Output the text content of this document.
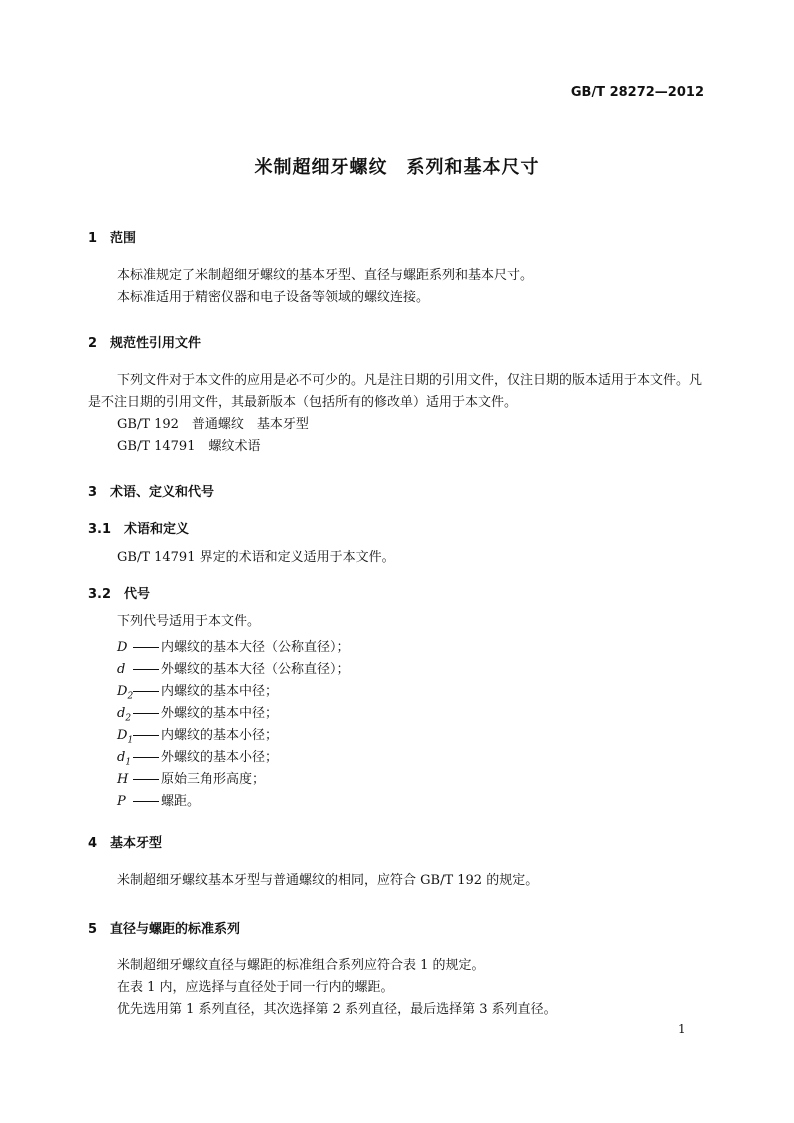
GB/T 28272—2012
米制超细牙螺纹　系列和基本尺寸
1　范围
本标准规定了米制超细牙螺纹的基本牙型、直径与螺距系列和基本尺寸。
本标准适用于精密仪器和电子设备等领域的螺纹连接。
2　规范性引用文件
下列文件对于本文件的应用是必不可少的。凡是注日期的引用文件，仅注日期的版本适用于本文件。凡是不注日期的引用文件，其最新版本（包括所有的修改单）适用于本文件。
GB/T 192　普通螺纹　基本牙型
GB/T 14791　螺纹术语
3　术语、定义和代号
3.1　术语和定义
GB/T 14791 界定的术语和定义适用于本文件。
3.2　代号
下列代号适用于本文件。
D	内螺纹的基本大径（公称直径）；
d	外螺纹的基本大径（公称直径）；
$D_2$ 内螺纹的基本中径；
$d_2$ 外螺纹的基本中径；
$D_1$ 内螺纹的基本小径；
$d_1$ 外螺纹的基本小径；
H	原始三角形高度；
P	螺距。
4　基本牙型
米制超细牙螺纹基本牙型与普通螺纹的相同，应符合 GB/T 192 的规定。
5　直径与螺距的标准系列
米制超细牙螺纹直径与螺距的标准组合系列应符合表 1 的规定。
在表 1 内，应选择与直径处于同一行内的螺距。
优先选用第 1 系列直径，其次选择第 2 系列直径，最后选择第 3 系列直径。
1
